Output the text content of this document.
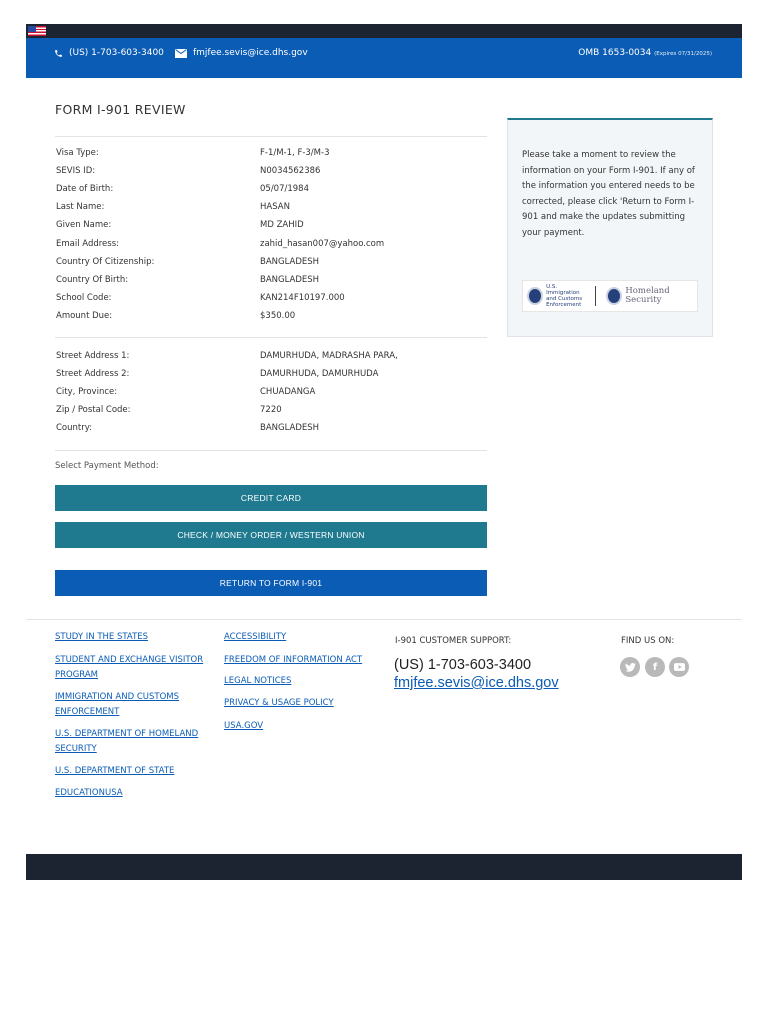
(US) 1-703-603-3400	fmjfee.sevis@ice.dhs.gov	OMB 1653-0034 (Expires 07/31/2025)
FORM I-901 REVIEW
Visa Type:	F-1/M-1, F-3/M-3
SEVIS ID:	N0034562386
Date of Birth:	05/07/1984
Last Name:	HASAN
Given Name:	MD ZAHID
Email Address:	zahid_hasan007@yahoo.com
Country Of Citizenship:	BANGLADESH
Country Of Birth:	BANGLADESH
School Code:	KAN214F10197.000
Amount Due:	$350.00
Street Address 1:	DAMURHUDA, MADRASHA PARA,
Street Address 2:	DAMURHUDA, DAMURHUDA
City, Province:	CHUADANGA
Zip / Postal Code:	7220
Country:	BANGLADESH
Select Payment Method:
CREDIT CARD
CHECK / MONEY ORDER / WESTERN UNION
RETURN TO FORM I-901

Please take a moment to review the information on your Form I-901. If any of the information you entered needs to be corrected, please click 'Return to Form I-901 and make the updates submitting your payment.

U.S. Immigration and Customs Enforcement
Homeland Security
STUDY IN THE STATES
STUDENT AND EXCHANGE VISITOR PROGRAM
IMMIGRATION AND CUSTOMS ENFORCEMENT
U.S. DEPARTMENT OF HOMELAND SECURITY
U.S. DEPARTMENT OF STATE
EDUCATIONUSA
ACCESSIBILITY
FREEDOM OF INFORMATION ACT
LEGAL NOTICES
PRIVACY & USAGE POLICY
USA.GOV
I-901 CUSTOMER SUPPORT:
(US) 1-703-603-3400
fmjfee.sevis@ice.dhs.gov
FIND US ON:
f
